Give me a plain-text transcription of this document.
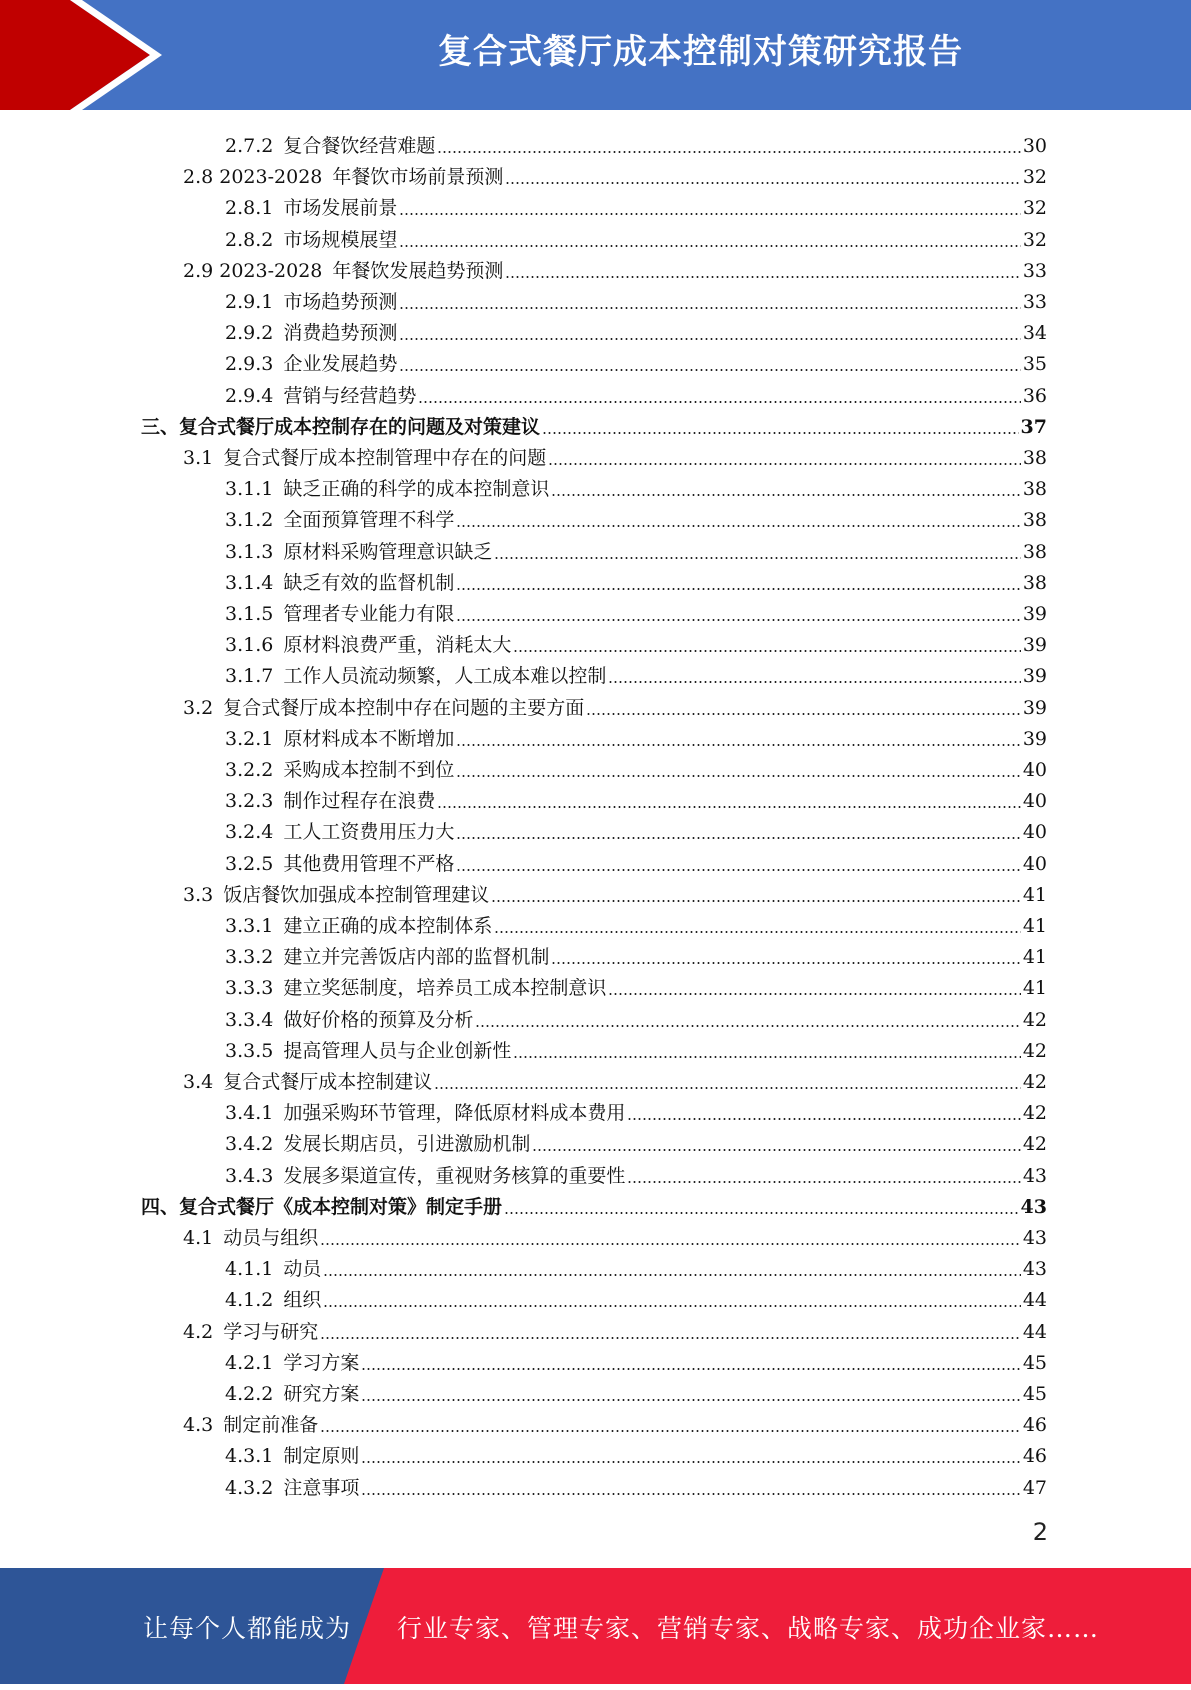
复合式餐厅成本控制对策研究报告
2.7.2 复合餐饮经营难题	30
2.8 2023-2028 年餐饮市场前景预测	32
2.8.1 市场发展前景	32
2.8.2 市场规模展望	32
2.9 2023-2028 年餐饮发展趋势预测	33
2.9.1 市场趋势预测	33
2.9.2 消费趋势预测	34
2.9.3 企业发展趋势	35
2.9.4 营销与经营趋势	36
三、复合式餐厅成本控制存在的问题及对策建议	37
3.1 复合式餐厅成本控制管理中存在的问题	38
3.1.1 缺乏正确的科学的成本控制意识	38
3.1.2 全面预算管理不科学	38
3.1.3 原材料采购管理意识缺乏	38
3.1.4 缺乏有效的监督机制	38
3.1.5 管理者专业能力有限	39
3.1.6 原材料浪费严重，消耗太大	39
3.1.7 工作人员流动频繁，人工成本难以控制	39
3.2 复合式餐厅成本控制中存在问题的主要方面	39
3.2.1 原材料成本不断增加	39
3.2.2 采购成本控制不到位	40
3.2.3 制作过程存在浪费	40
3.2.4 工人工资费用压力大	40
3.2.5 其他费用管理不严格	40
3.3 饭店餐饮加强成本控制管理建议	41
3.3.1 建立正确的成本控制体系	41
3.3.2 建立并完善饭店内部的监督机制	41
3.3.3 建立奖惩制度，培养员工成本控制意识	41
3.3.4 做好价格的预算及分析	42
3.3.5 提高管理人员与企业创新性	42
3.4 复合式餐厅成本控制建议	42
3.4.1 加强采购环节管理，降低原材料成本费用	42
3.4.2 发展长期店员，引进激励机制	42
3.4.3 发展多渠道宣传，重视财务核算的重要性	43
四、复合式餐厅《成本控制对策》制定手册	43
4.1 动员与组织	43
4.1.1 动员	43
4.1.2 组织	44
4.2 学习与研究	44
4.2.1 学习方案	45
4.2.2 研究方案	45
4.3 制定前准备	46
4.3.1 制定原则	46
4.3.2 注意事项	47
2
让每个人都能成为 行业专家、管理专家、营销专家、战略专家、成功企业家……
